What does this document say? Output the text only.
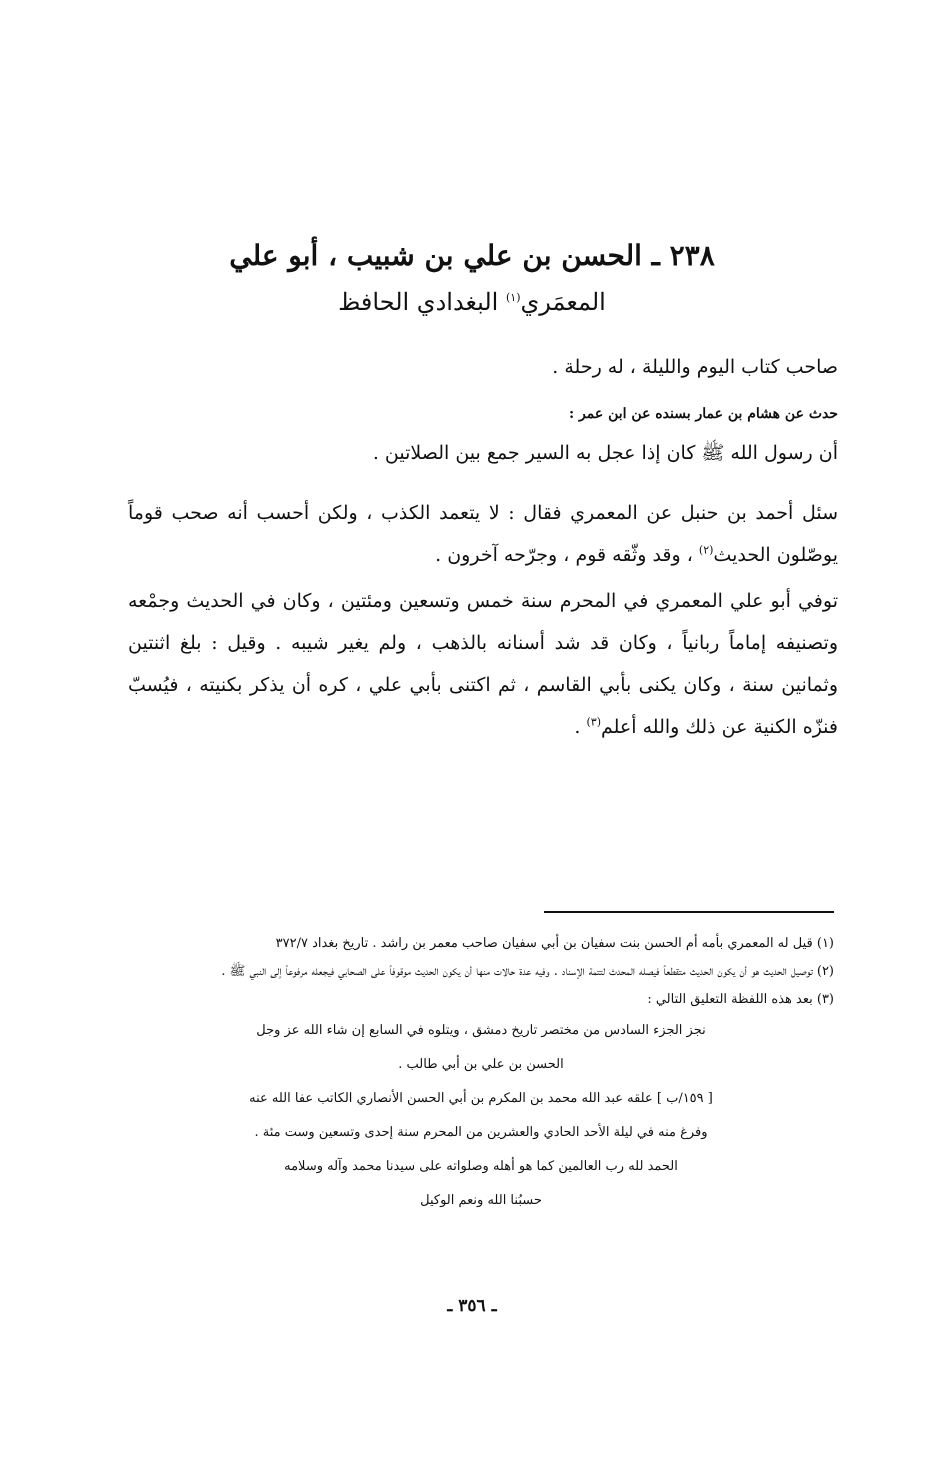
٢٣٨ ـ الحسن بن علي بن شبيب ، أبو علي
المعمَري$^{(١)}$ البغدادي الحافظ
صاحب كتاب اليوم والليلة ، له رحلة .
حدث عن هشام بن عمار بسنده عن ابن عمر :
أن رسول الله ﷺ كان إذا عجل به السير جمع بين الصلاتين .
سئل أحمد بن حنبل عن المعمري فقال : لا يتعمد الكذب ، ولكن أحسب أنه صحب قوماً يوصّلون الحديث$^{(٢)}$ ، وقد وثّقه قوم ، وجرّحه آخرون .
توفي أبو علي المعمري في المحرم سنة خمس وتسعين ومئتين ، وكان في الحديث وجمْعه وتصنيفه إماماً ربانياً ، وكان قد شد أسنانه بالذهب ، ولم يغير شيبه . وقيل : بلغ اثنتين وثمانين سنة ، وكان يكنى بأبي القاسم ، ثم اكتنى بأبي علي ، كره أن يذكر بكنيته ، فيُسبّ فنزّه الكنية عن ذلك والله أعلم$^{(٣)}$ .

(١) قيل له المعمري بأمه أم الحسن بنت سفيان بن أبي سفيان صاحب معمر بن راشد . تاريخ بغداد ٣٧٢/٧

(٢) توصيل الحديث هو أن يكون الحديث متقطعاً فيصله المحدث لتتمة الإسناد . وفيه عدة حالات منها أن يكون الحديث موقوفاً على الصحابي فيجعله مرفوعاً إلى النبي ﷺ .

(٣) بعد هذه اللفظة التعليق التالي :

نجز الجزء السادس من مختصر تاريخ دمشق ، ويتلوه في السابع إن شاء الله عز وجل

الحسن بن علي بن أبي طالب .

[ ١٥٩/ب ] علقه عبد الله محمد بن المكرم بن أبي الحسن الأنصاري الكاتب عفا الله عنه

وفرغ منه في ليلة الأحد الحادي والعشرين من المحرم سنة إحدى وتسعين وست مئة .

الحمد لله رب العالمين كما هو أهله وصلواته على سيدنا محمد وآله وسلامه

حسبُنا الله ونعم الوكيل

ـ ٣٥٦ ـ
